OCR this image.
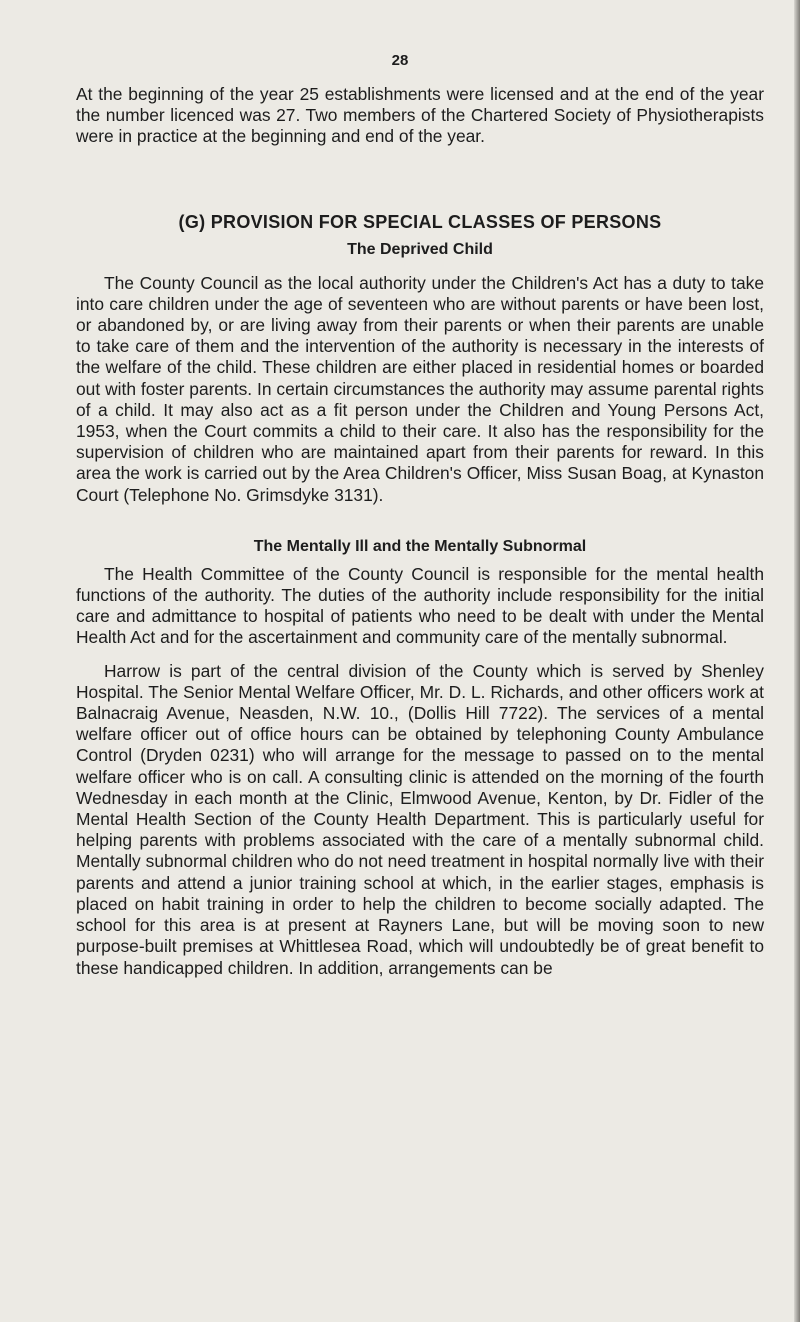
28

At the beginning of the year 25 establishments were licensed and at the end of the year the number licenced was 27. Two members of the Chartered Society of Physiotherapists were in practice at the beginning and end of the year.

(G) PROVISION FOR SPECIAL CLASSES OF PERSONS
The Deprived Child

The County Council as the local authority under the Children's Act has a duty to take into care children under the age of seventeen who are without parents or have been lost, or abandoned by, or are living away from their parents or when their parents are unable to take care of them and the intervention of the authority is necessary in the interests of the welfare of the child. These children are either placed in residential homes or boarded out with foster parents. In certain circumstances the authority may assume parental rights of a child. It may also act as a fit person under the Children and Young Persons Act, 1953, when the Court commits a child to their care. It also has the responsibility for the supervision of children who are maintained apart from their parents for reward. In this area the work is carried out by the Area Children's Officer, Miss Susan Boag, at Kynaston Court (Telephone No. Grimsdyke 3131).

The Mentally Ill and the Mentally Subnormal

The Health Committee of the County Council is responsible for the mental health functions of the authority. The duties of the authority include responsibility for the initial care and admittance to hospital of patients who need to be dealt with under the Mental Health Act and for the ascertainment and community care of the mentally subnormal.

Harrow is part of the central division of the County which is served by Shenley Hospital. The Senior Mental Welfare Officer, Mr. D. L. Richards, and other officers work at Balnacraig Avenue, Neasden, N.W. 10., (Dollis Hill 7722). The services of a mental welfare officer out of office hours can be obtained by telephoning County Ambulance Control (Dryden 0231) who will arrange for the message to passed on to the mental welfare officer who is on call. A consulting clinic is attended on the morning of the fourth Wednesday in each month at the Clinic, Elmwood Avenue, Kenton, by Dr. Fidler of the Mental Health Section of the County Health Department. This is particularly useful for helping parents with problems associated with the care of a mentally subnormal child. Mentally subnormal children who do not need treatment in hospital normally live with their parents and attend a junior training school at which, in the earlier stages, emphasis is placed on habit training in order to help the children to become socially adapted. The school for this area is at present at Rayners Lane, but will be moving soon to new purpose-built premises at Whittlesea Road, which will undoubtedly be of great benefit to these handicapped children. In addition, arrangements can be
